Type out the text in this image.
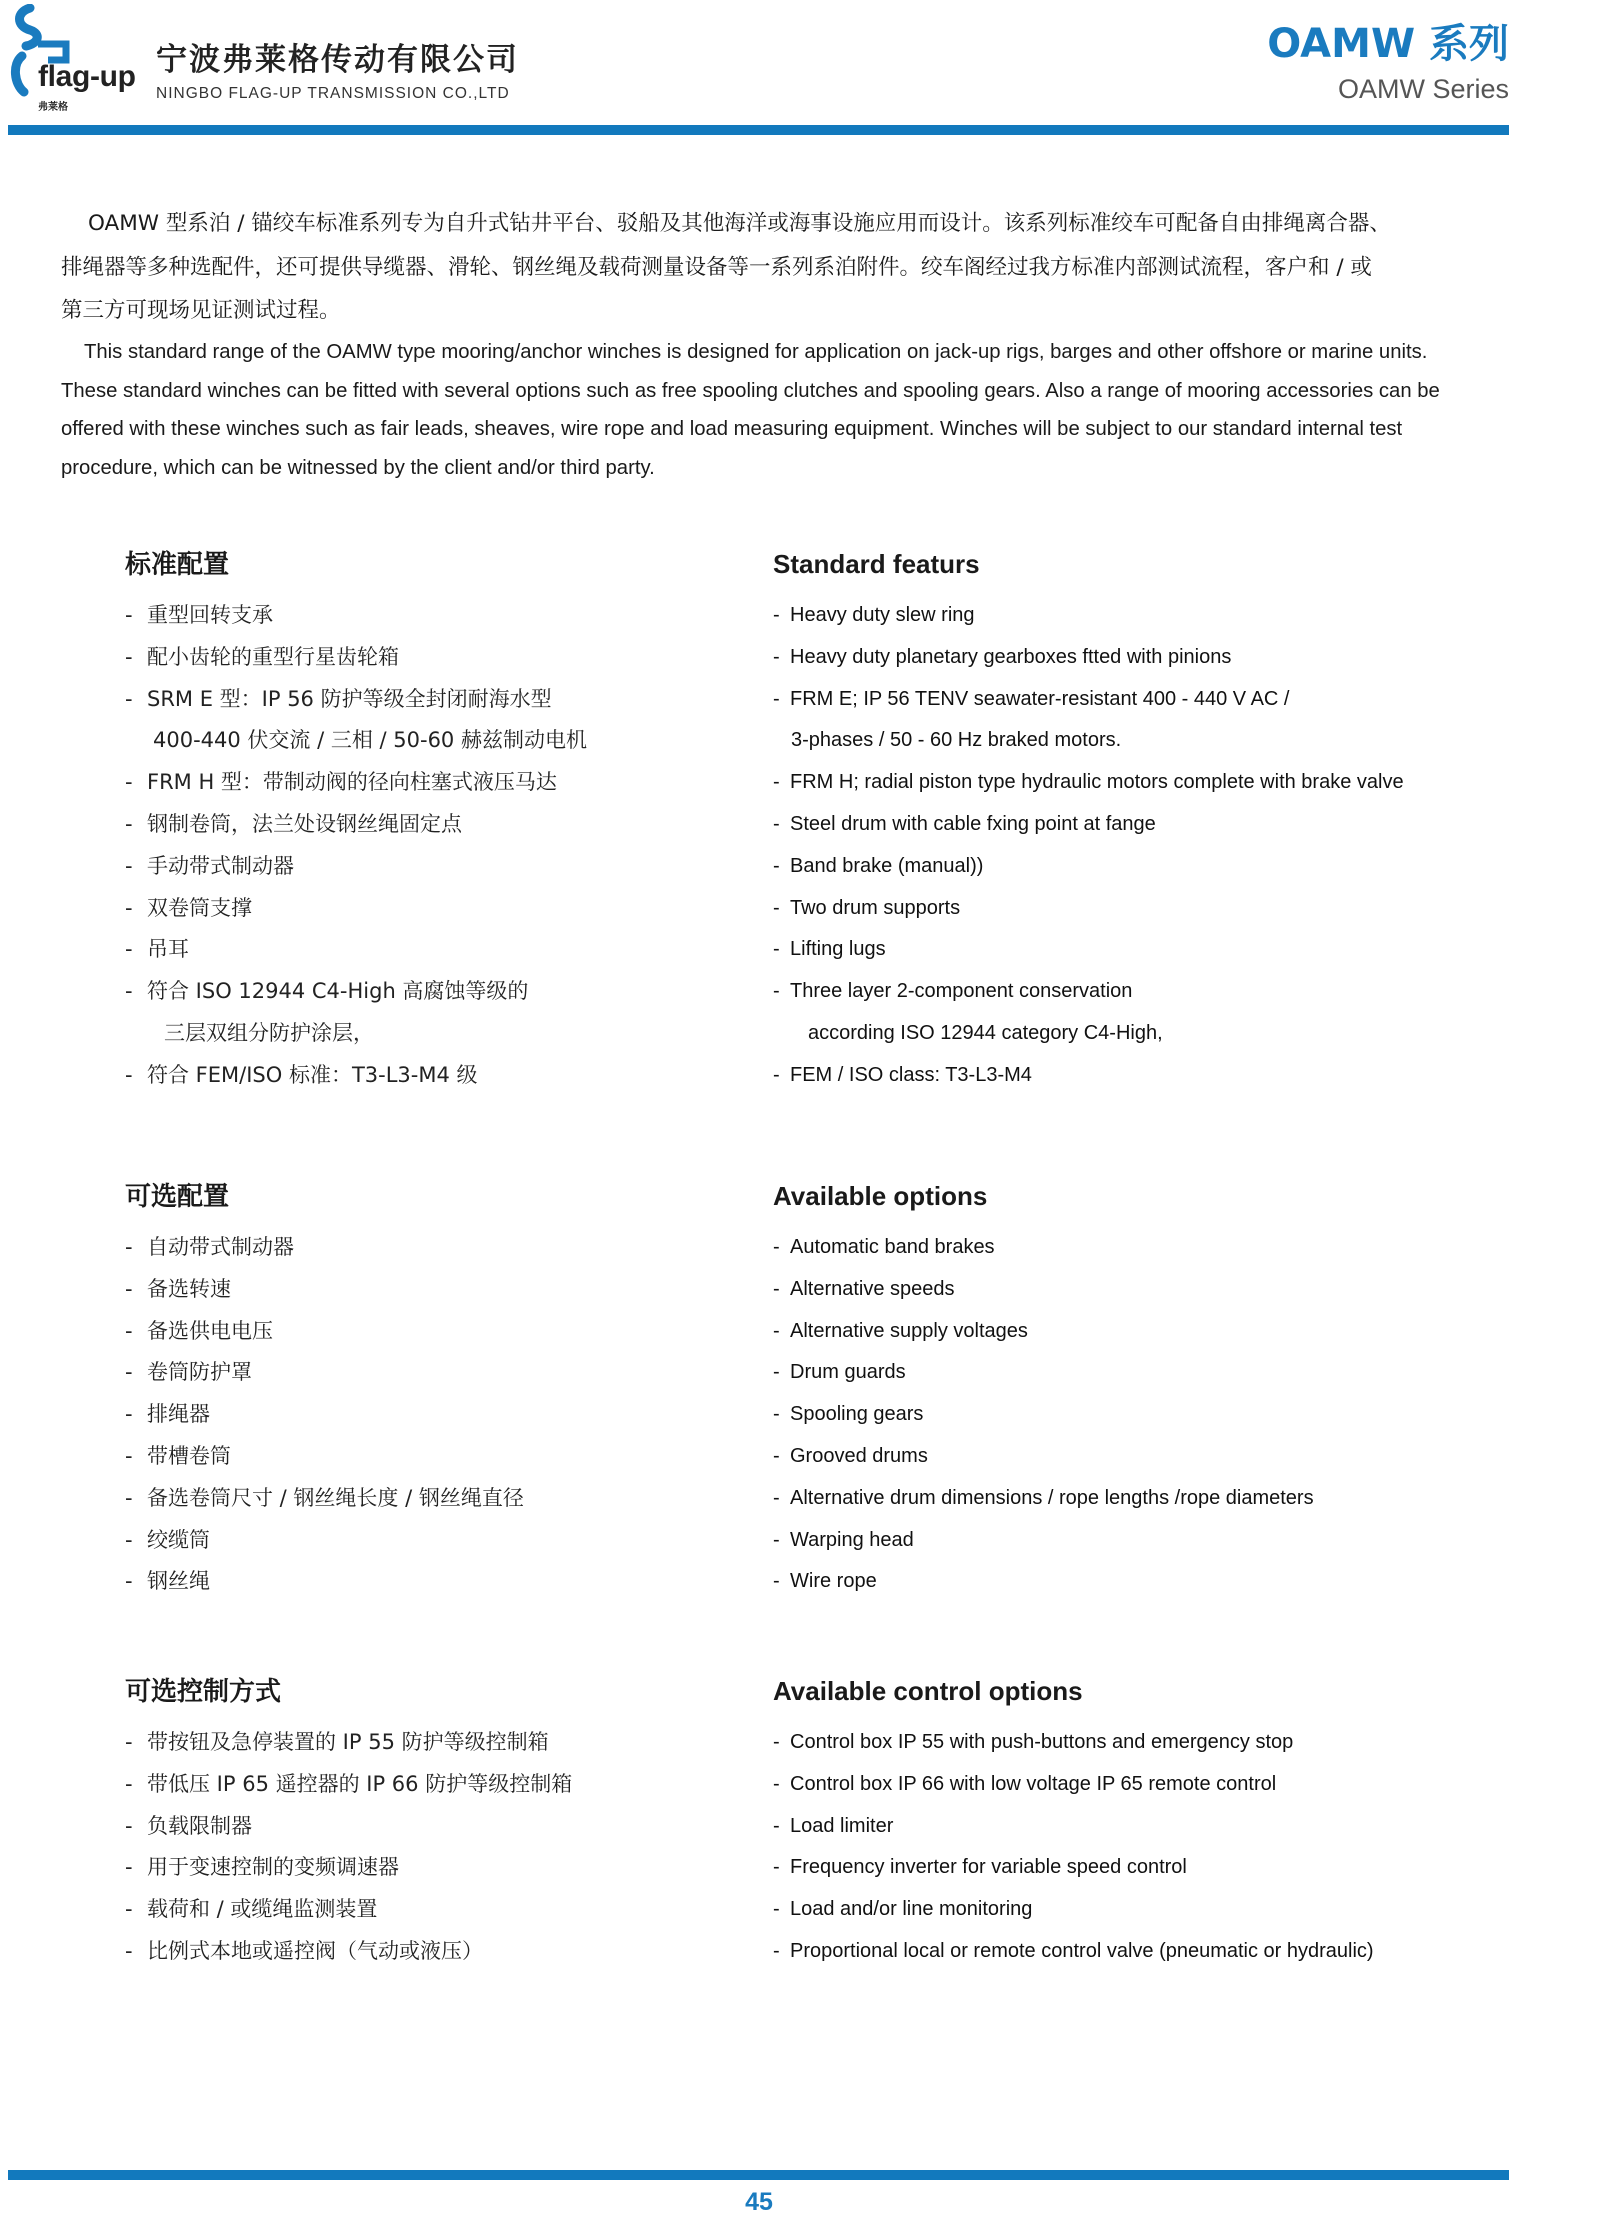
flag-up
弗莱格
宁波弗莱格传动有限公司
NINGBO FLAG-UP TRANSMISSION CO.,LTD
OAMW 系列
OAMW Series
OAMW 型系泊 / 锚绞车标准系列专为自升式钻井平台、驳船及其他海洋或海事设施应用而设计。该系列标准绞车可配备自由排绳离合器、
排绳器等多种选配件，还可提供导缆器、滑轮、钢丝绳及载荷测量设备等一系列系泊附件。绞车阁经过我方标准内部测试流程，客户和 / 或
第三方可现场见证测试过程。
This standard range of the OAMW type mooring/anchor winches is designed for application on jack-up rigs, barges and other offshore or marine units.
These standard winches can be fitted with several options such as free spooling clutches and spooling gears. Also a range of mooring accessories can be
offered with these winches such as fair leads, sheaves, wire rope and load measuring equipment. Winches will be subject to our standard internal test
procedure, which can be witnessed by the client and/or third party.
标准配置	Standard featurs
- 重型回转支承
- 配小齿轮的重型行星齿轮箱
- SRM E 型：IP 56 防护等级全封闭耐海水型
400-440 伏交流 / 三相 / 50-60 赫兹制动电机
- FRM H 型：带制动阀的径向柱塞式液压马达
- 钢制卷筒，法兰处设钢丝绳固定点
- 手动带式制动器
- 双卷筒支撑
- 吊耳
- 符合 ISO 12944 C4-High 高腐蚀等级的
三层双组分防护涂层，
- 符合 FEM/ISO 标准：T3-L3-M4 级
- Heavy duty slew ring
- Heavy duty planetary gearboxes ftted with pinions
- FRM E; IP 56 TENV seawater-resistant 400 - 440 V AC /
3-phases / 50 - 60 Hz braked motors.
- FRM H; radial piston type hydraulic motors complete with brake valve
- Steel drum with cable fxing point at fange
- Band brake (manual))
- Two drum supports
- Lifting lugs
- Three layer 2-component conservation
according ISO 12944 category C4-High,
- FEM / ISO class: T3-L3-M4
可选配置	Available options
- 自动带式制动器
- 备选转速
- 备选供电电压
- 卷筒防护罩
- 排绳器
- 带槽卷筒
- 备选卷筒尺寸 / 钢丝绳长度 / 钢丝绳直径
- 绞缆筒
- 钢丝绳
- Automatic band brakes
- Alternative speeds
- Alternative supply voltages
- Drum guards
- Spooling gears
- Grooved drums
- Alternative drum dimensions / rope lengths /rope diameters
- Warping head
- Wire rope
可选控制方式	Available control options
- 带按钮及急停装置的 IP 55 防护等级控制箱
- 带低压 IP 65 遥控器的 IP 66 防护等级控制箱
- 负载限制器
- 用于变速控制的变频调速器
- 载荷和 / 或缆绳监测装置
- 比例式本地或遥控阀（气动或液压）
- Control box IP 55 with push-buttons and emergency stop
- Control box IP 66 with low voltage IP 65 remote control
- Load limiter
- Frequency inverter for variable speed control
- Load and/or line monitoring
- Proportional local or remote control valve (pneumatic or hydraulic)
45
